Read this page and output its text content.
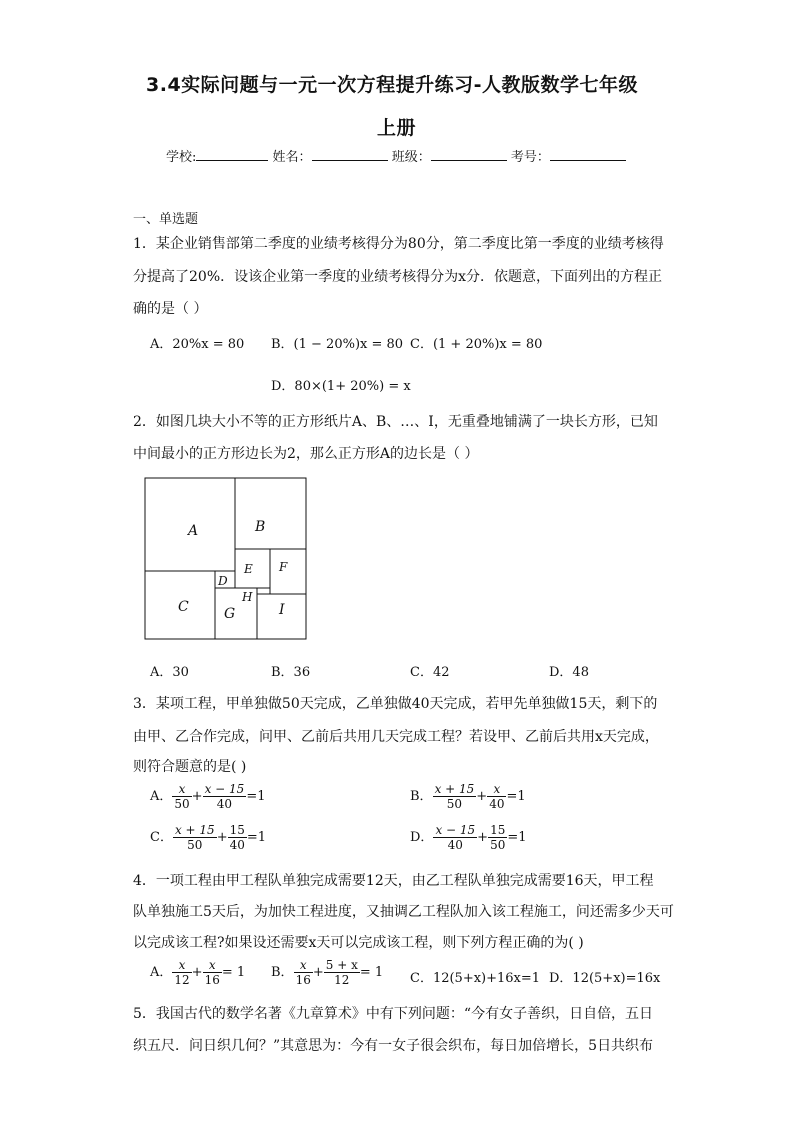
3.4实际问题与一元一次方程提升练习-人教版数学七年级
上册
学校:	姓名：	班级：	考号：
一、单选题
1．某企业销售部第二季度的业绩考核得分为80分，第二季度比第一季度的业绩考核得
分提高了20%．设该企业第一季度的业绩考核得分为x分．依题意，下面列出的方程正
确的是（ ）
A．20%x = 80 B．(1 − 20%)x = 80 C．(1 + 20%)x = 80
D．80×(1+ 20%) = x
2．如图几块大小不等的正方形纸片A、B、…、I，无重叠地铺满了一块长方形，已知
中间最小的正方形边长为2，那么正方形A的边长是（ ）
A	B
C
D
E F
G
H
I
A．30	B．36	C．42	D．48
3．某项工程，甲单独做50天完成，乙单独做40天完成，若甲先单独做15天，剩下的
由甲、乙合作完成，问甲、乙前后共用几天完成工程？若设甲、乙前后共用x天完成，
则符合题意的是( )
A． $\frac{x}{50} + \frac{x - 15}{40} =1$	B． $\frac{x + 15}{50} + \frac{x}{40} =1$
C． $\frac{x + 15}{50} + \frac{15}{40} =1$	D． $\frac{x - 15}{40} + \frac{15}{50} =1$
4．一项工程由甲工程队单独完成需要12天，由乙工程队单独完成需要16天，甲工程
队单独施工5天后，为加快工程进度，又抽调乙工程队加入该工程施工，问还需多少天可
以完成该工程?如果设还需要x天可以完成该工程，则下列方程正确的为( )
A． $\frac{x}{12} + \frac{x}{16} = 1$ B． $\frac{x}{16} + \frac{5 + x}{12} = 1$ C．12(5+x)+16x=1 D．12(5+x)=16x
5．我国古代的数学名著《九章算术》中有下列问题：“今有女子善织，日自倍，五日
织五尺．问日织几何？”其意思为：今有一女子很会织布，每日加倍增长，5日共织布
